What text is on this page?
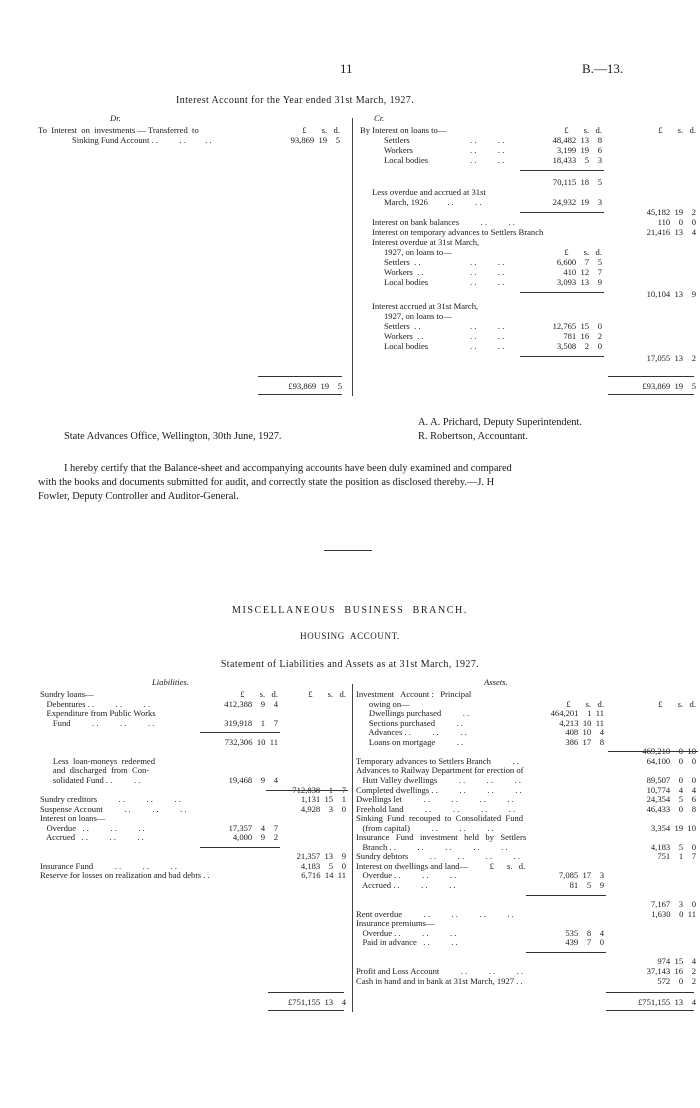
11	B.—13.
Interest Account for the Year ended 31st March, 1927.
Dr.	Cr.
To  Interest  on  investments — Transferred  to	£       s.   d.
Sinking Fund Account . .          . .         . .	93,869  19    5
By Interest on loans to—	£       s.   d.	£       s.   d.
Settlers	. .          . .	48,482  13    8
Workers	. .          . .	3,199  19    6
Local bodies	. .          . .	18,433    5    3
70,115  18    5
Less overdue and accrued at 31st
March, 1926         . .          . .	24,932  19    3
45,182  19    2
Interest on bank balances          . .          . .	110    0    0
Interest on temporary advances to Settlers Branch	21,416  13    4
Interest overdue at 31st March,
1927, on loans to—	£       s.   d.
Settlers  . .	. .          . .	6,600    7    5
Workers  . .	. .          . .	410  12    7
Local bodies	. .          . .	3,093  13    9
10,104  13    9
Interest accrued at 31st March,
1927, on loans to—
Settlers  . .	. .          . .	12,765  15    0
Workers  . .	. .          . .	781  16    2
Local bodies	. .          . .	3,508    2    0
17,055  13    2
£93,869  19    5	£93,869  19    5
A. A. Prichard, Deputy Superintendent.
State Advances Office, Wellington, 30th June, 1927.	R. Robertson, Accountant.
I hereby certify that the Balance-sheet and accompanying accounts have been duly examined and compared
with the books and documents submitted for audit, and correctly state the position as disclosed thereby.—J. H
Fowler, Deputy Controller and Auditor-General.
MISCELLANEOUS  BUSINESS  BRANCH.
HOUSING  ACCOUNT.
Statement of Liabilities and Assets as at 31st March, 1927.
Liabilities.	Assets.
£       s.   d.	£       s.   d.
Sundry loans—
Debentures . .          . .          . .	412,388    9    4
Expenditure from Public Works
Fund          . .          . .          . .	319,918    1    7
732,306  10  11
Less  loan-moneys  redeemed
and  discharged  from  Con-
solidated Fund . .          . .	19,468    9    4
712,838    1    7
Sundry creditors          . .          . .          . .	1,131  15    1
Suspense Account          . .          . .          . .	4,928    3    0
Interest on loans—
Overdue   . .          . .          . .	17,357    4    7
Accrued   . .          . .          . .	4,000    9    2
21,357  13    9
Insurance Fund          . .          . .          . .	4,183    5    0
Reserve for losses on realization and bad debts . .	6,716  14  11
£       s.   d.	£       s.   d.
Investment   Account :   Principal
owing on—
Dwellings purchased          . .	464,201    1  11
Sections purchased          . .	4,213  10  11
Advances . .          . .          . .	408  10    4
Loans on mortgage          . .	386  17    8
469,210    0  10
Temporary advances to Settlers Branch          . .	64,100    0    0
Advances to Railway Department for erection of
Hutt Valley dwellings          . .          . .          . .	89,507    0    0
Completed dwellings . .          . .          . .          . .	10,774    4    4
Dwellings let          . .          . .          . .          . .	24,354    5    6
Freehold land          . .          . .          . .          . .	46,433    0    8
Sinking  Fund  recouped  to  Consolidated  Fund
(from capital)          . .          . .          . .	3,354  19  10
Insurance   Fund   investment   held   by   Settlers
Branch . .          . .          . .          . .          . .	4,183    5    0
Sundry debtors          . .          . .          . .          . .	751    1    7
Interest on dwellings and land—          £      s.   d.
Overdue . .          . .          . .	7,085  17    3
Accrued . .          . .          . .	81    5    9
7,167    3    0
Rent overdue          . .          . .          . .          . .	1,630    0  11
Insurance premiums—
Overdue . .          . .          . .	535    8    4
Paid in advance   . .          . .	439    7    0
974  15    4
Profit and Loss Account          . .          . .          . .	37,143  16    2
Cash in hand and in bank at 31st March, 1927 . .	572    0    2
£751,155  13    4	£751,155  13    4
